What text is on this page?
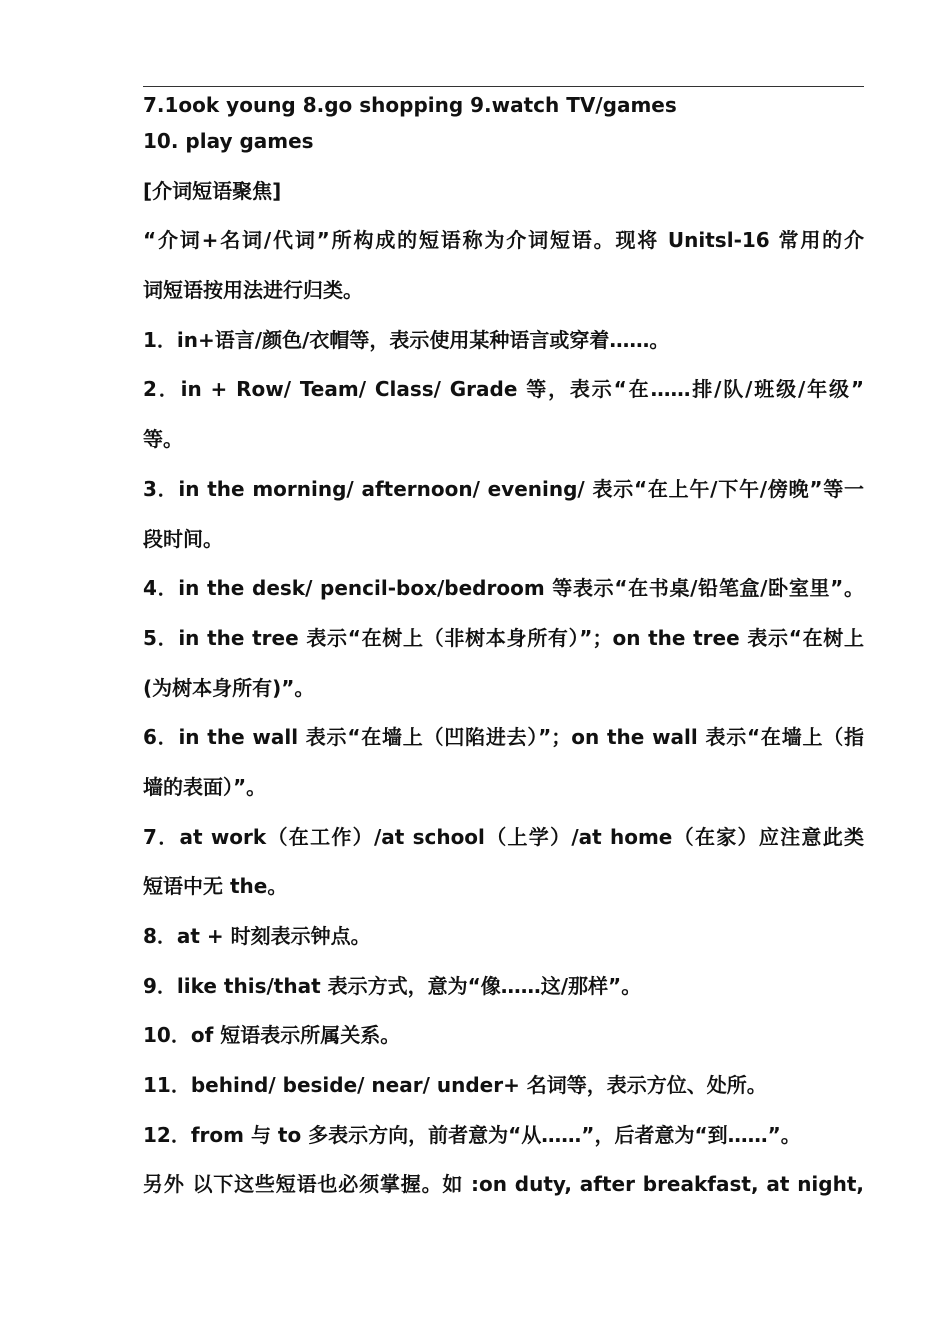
7.1ook young 8.go shopping 9.watch TV/games
10. play games
[介词短语聚焦]
“介词+名词/代词”所构成的短语称为介词短语。现将 Unitsl-16 常用的介
词短语按用法进行归类。
1．in+语言/颜色/衣帽等，表示使用某种语言或穿着……。
2．in + Row/ Team/ Class/ Grade 等，表示“在……排/队/班级/年级”
等。
3．in the morning/ afternoon/ evening/ 表示“在上午/下午/傍晚”等一
段时间。
4．in the desk/ pencil-box/bedroom 等表示“在书桌/铅笔盒/卧室里”。
5．in the tree 表示“在树上（非树本身所有）”；on the tree 表示“在树上
(为树本身所有)”。
6．in the wall 表示“在墙上（凹陷进去）”；on the wall 表示“在墙上（指
墙的表面）”。
7．at work（在工作）/at school（上学）/at home（在家）应注意此类
短语中无 the。
8．at + 时刻表示钟点。
9．like this/that 表示方式，意为“像……这/那样”。
10．of 短语表示所属关系。
11．behind/ beside/ near/ under+ 名词等，表示方位、处所。
12．from 与 to 多表示方向，前者意为“从……”，后者意为“到……”。
另外 以下这些短语也必须掌握。如 :on duty, after breakfast, at night,
